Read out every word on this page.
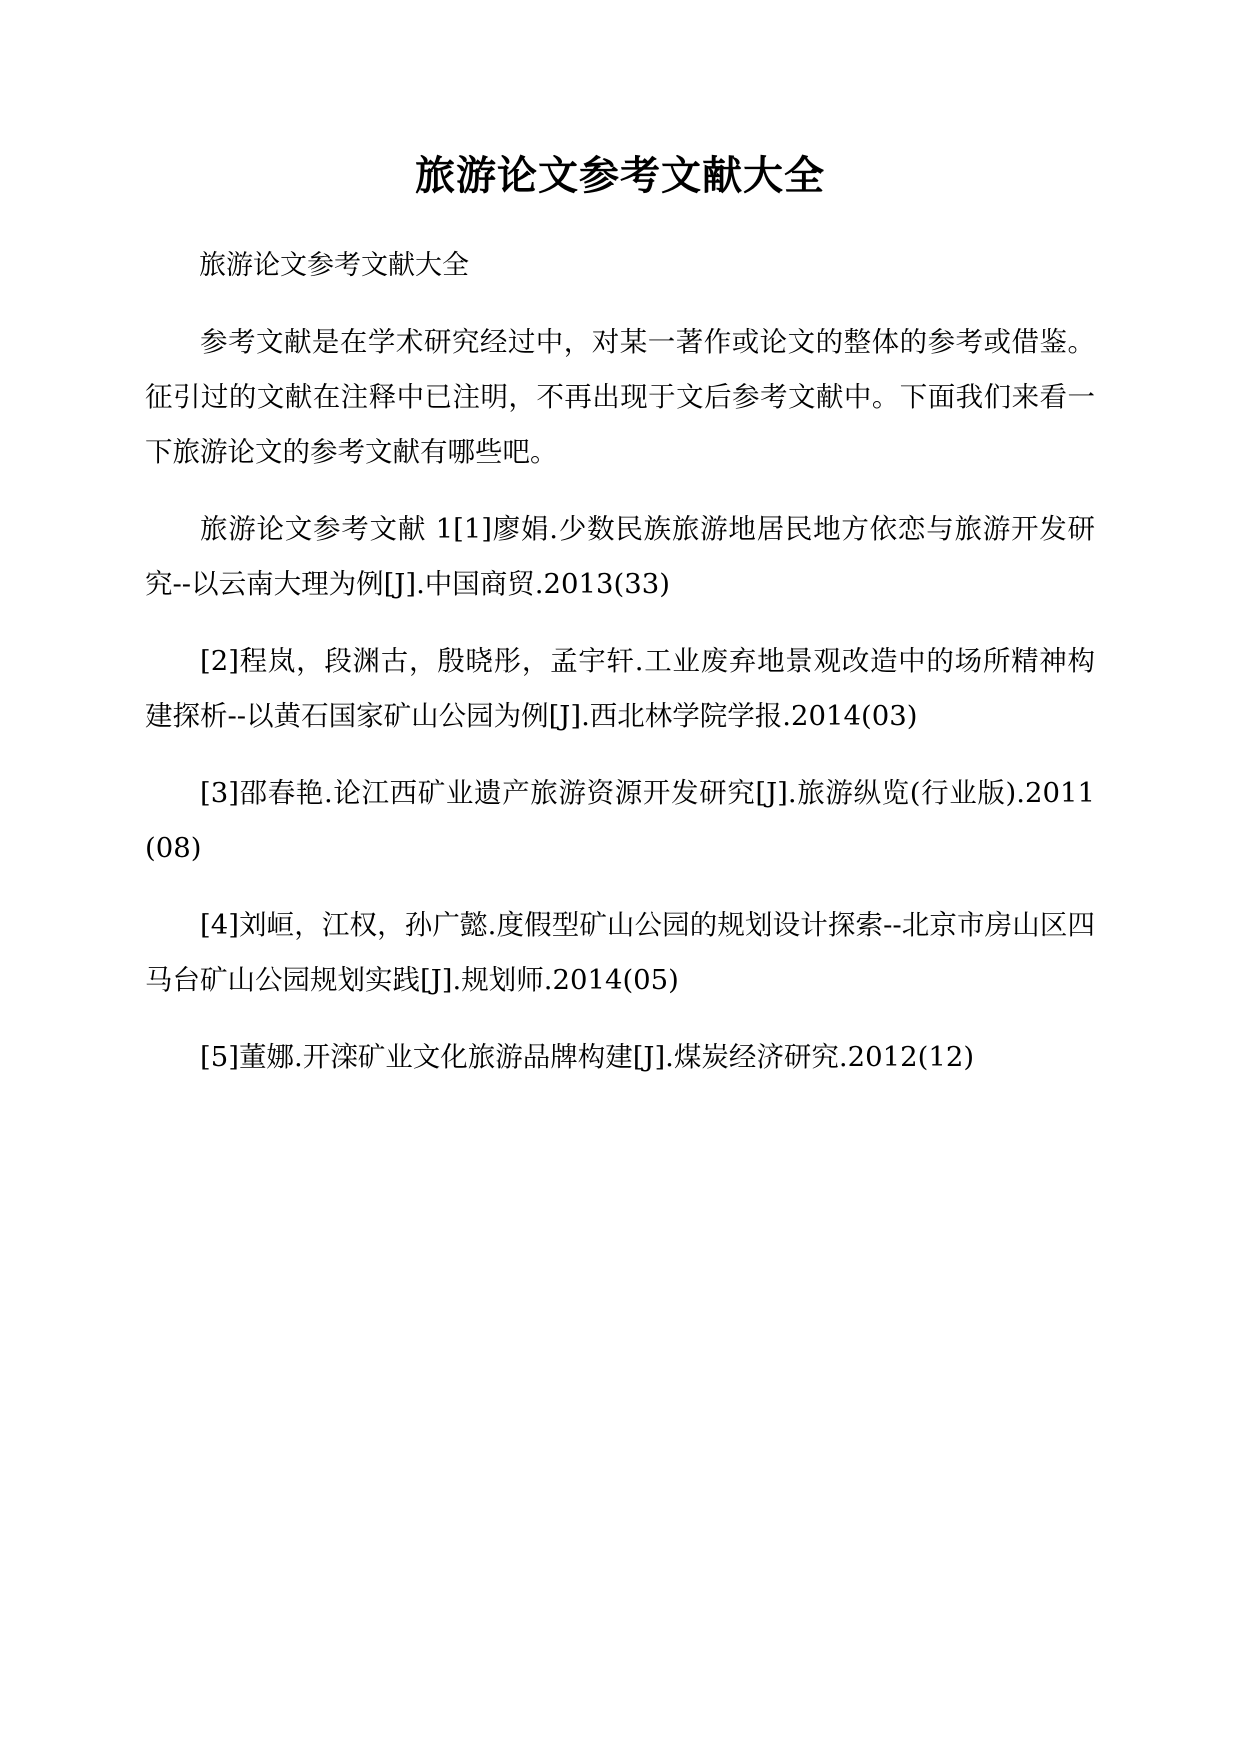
旅游论文参考文献大全

旅游论文参考文献大全

参考文献是在学术研究经过中，对某一著作或论文的整体的参考或借鉴。征引过的文献在注释中已注明，不再出现于文后参考文献中。下面我们来看一下旅游论文的参考文献有哪些吧。

旅游论文参考文献 1[1]廖娟.少数民族旅游地居民地方依恋与旅游开发研究--以云南大理为例[J].中国商贸.2013(33)

[2]程岚，段渊古，殷晓彤，孟宇轩.工业废弃地景观改造中的场所精神构建探析--以黄石国家矿山公园为例[J].西北林学院学报.2014(03)

[3]邵春艳.论江西矿业遗产旅游资源开发研究[J].旅游纵览(行业版).2011(08)

[4]刘峘，江权，孙广懿.度假型矿山公园的规划设计探索--北京市房山区四马台矿山公园规划实践[J].规划师.2014(05)

[5]董娜.开滦矿业文化旅游品牌构建[J].煤炭经济研究.2012(12)
